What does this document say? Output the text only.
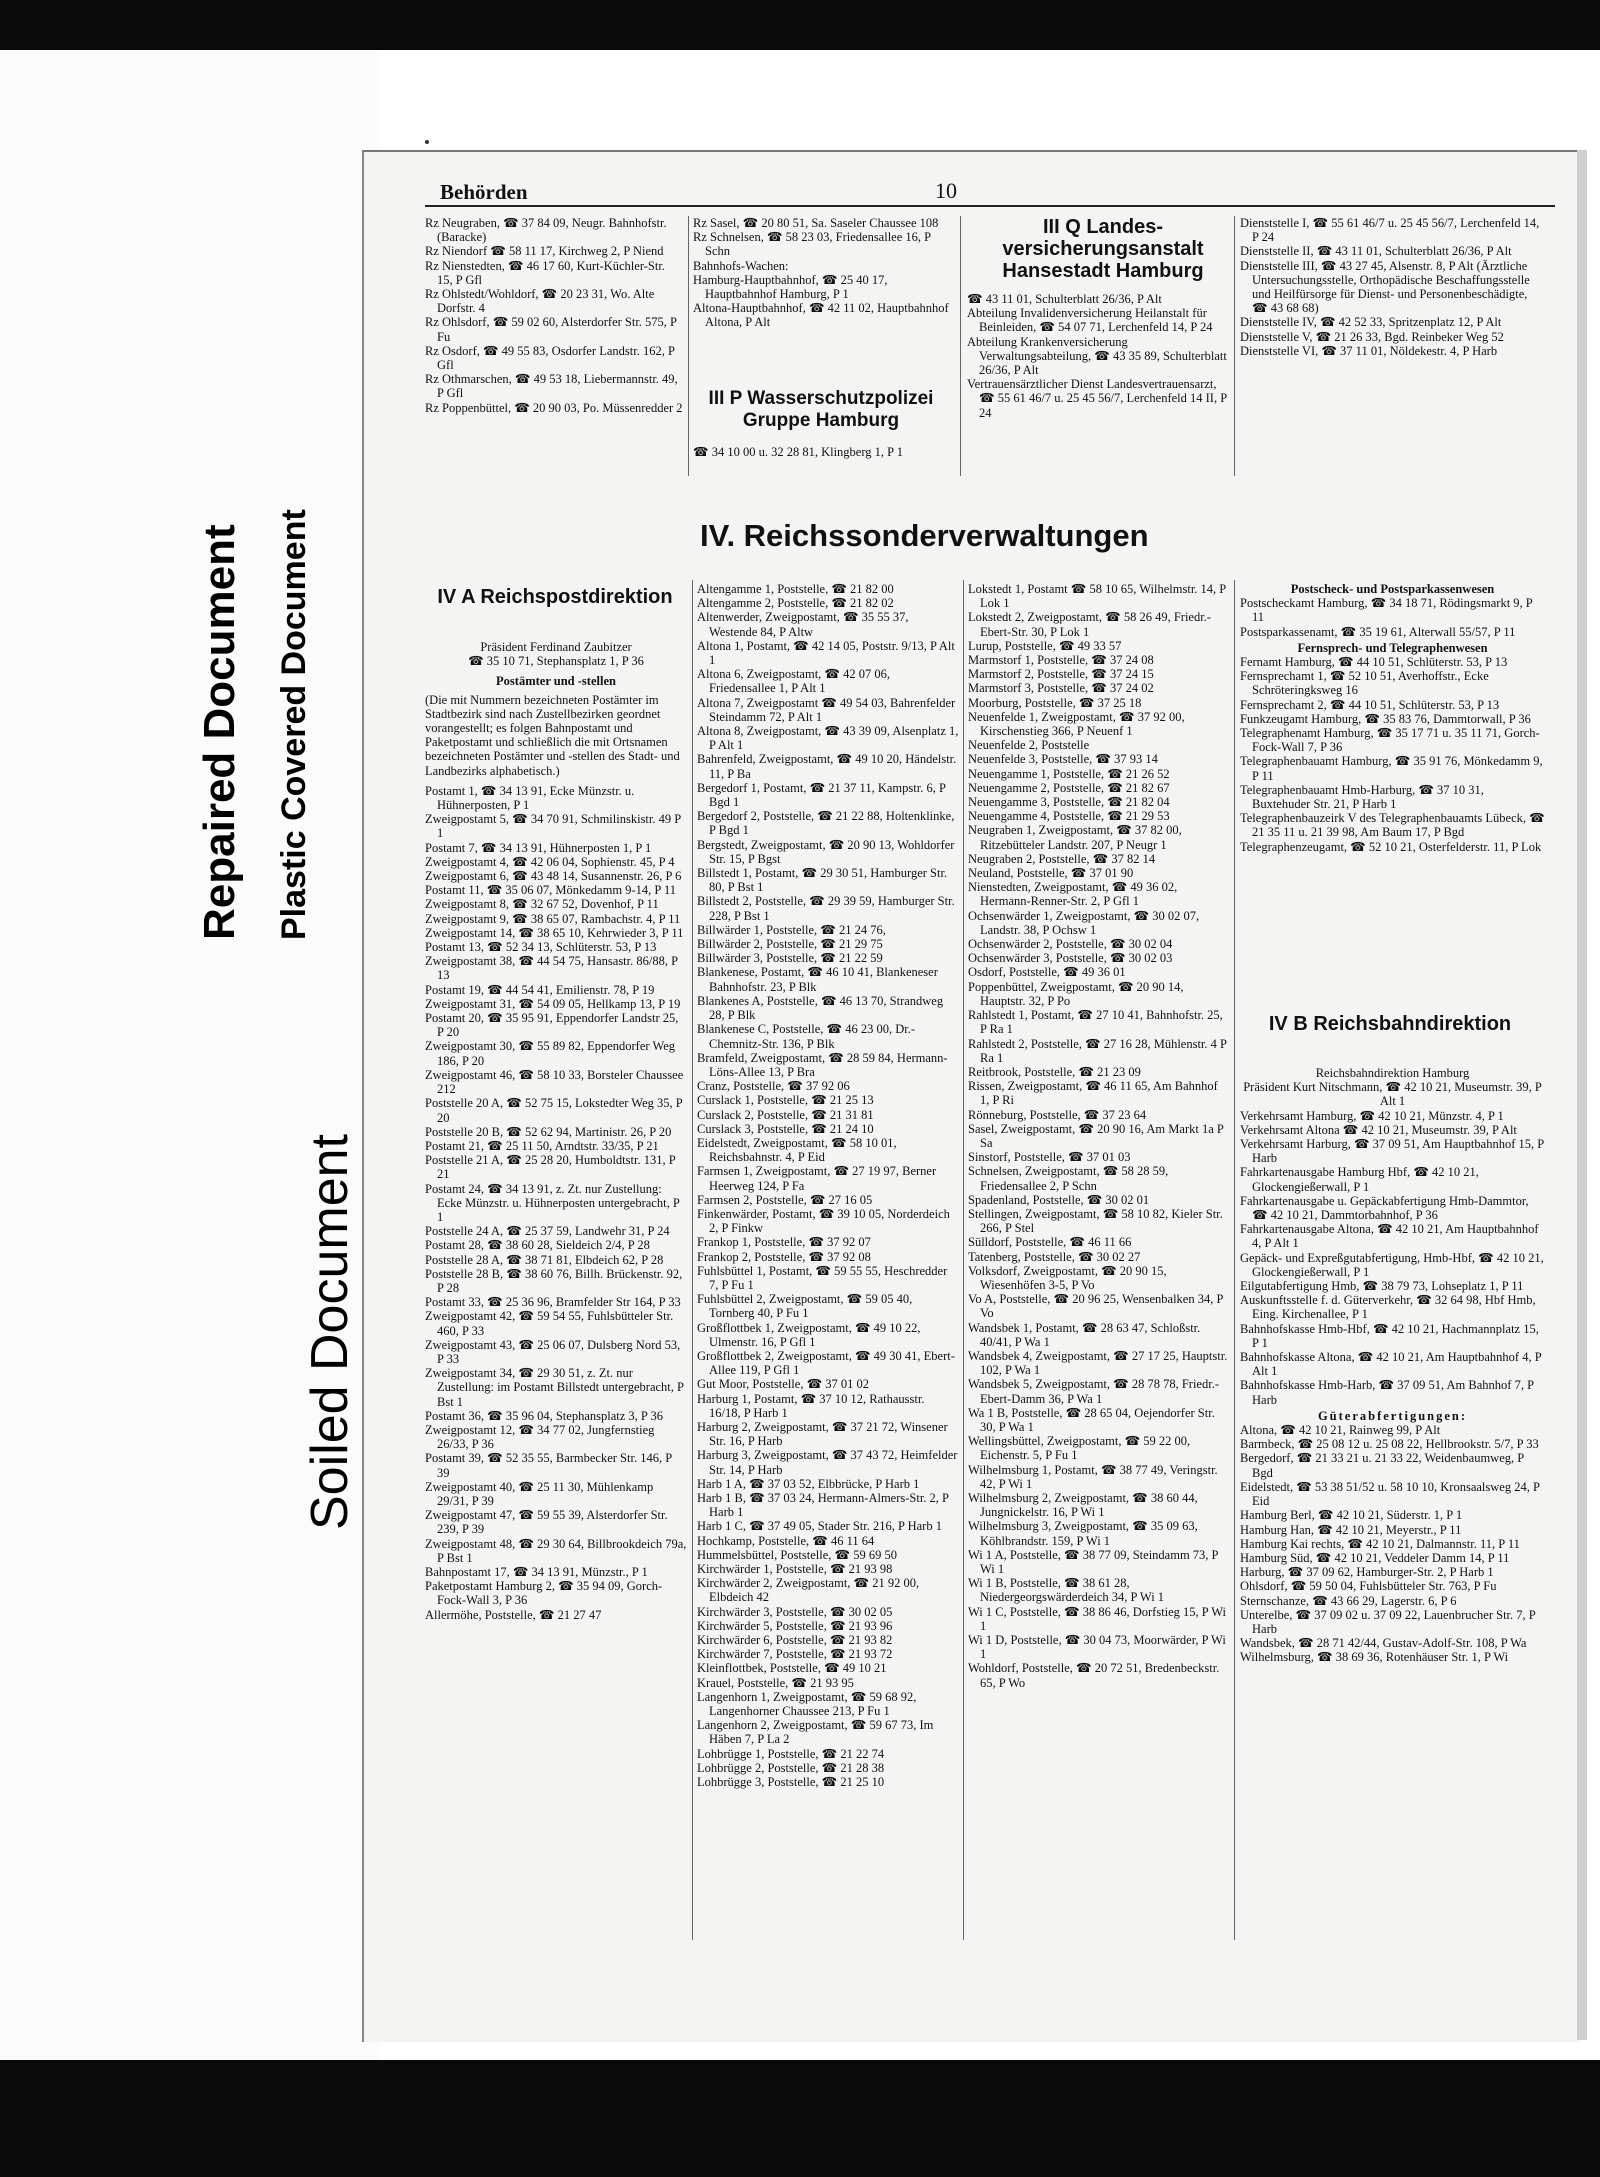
Repaired Document Plastic Covered Document
Soiled Document
Behörden	10

Rz Neugraben, ☎ 37 84 09, Neugr. Bahnhofstr. (Baracke)

Rz Niendorf ☎ 58 11 17, Kirchweg 2, P Niend

Rz Nienstedten, ☎ 46 17 60, Kurt-Küchler-Str. 15, P Gfl

Rz Ohlstedt/Wohldorf, ☎ 20 23 31, Wo. Alte Dorfstr. 4

Rz Ohlsdorf, ☎ 59 02 60, Alsterdorfer Str. 575, P Fu

Rz Osdorf, ☎ 49 55 83, Osdorfer Landstr. 162, P Gfl

Rz Othmarschen, ☎ 49 53 18, Liebermannstr. 49, P Gfl

Rz Poppenbüttel, ☎ 20 90 03, Po. Müssenredder 2

Rz Sasel, ☎ 20 80 51, Sa. Saseler Chaussee 108

Rz Schnelsen, ☎ 58 23 03, Friedensallee 16, P Schn

Bahnhofs-Wachen:

Hamburg-Hauptbahnhof, ☎ 25 40 17, Hauptbahnhof Hamburg, P 1

Altona-Hauptbahnhof, ☎ 42 11 02, Hauptbahnhof Altona, P Alt

III P Wasserschutzpolizei Gruppe Hamburg

☎ 34 10 00 u. 32 28 81, Klingberg 1, P 1

III Q Landes-versicherungsanstalt Hansestadt Hamburg

☎ 43 11 01, Schulterblatt 26/36, P Alt

Abteilung Invalidenversicherung Heilanstalt für Beinleiden, ☎ 54 07 71, Lerchenfeld 14, P 24

Abteilung Krankenversicherung Verwaltungsabteilung, ☎ 43 35 89, Schulterblatt 26/36, P Alt

Vertrauensärztlicher Dienst Landesvertrauensarzt, ☎ 55 61 46/7 u. 25 45 56/7, Lerchenfeld 14 II, P 24

Dienststelle I, ☎ 55 61 46/7 u. 25 45 56/7, Lerchenfeld 14, P 24

Dienststelle II, ☎ 43 11 01, Schulterblatt 26/36, P Alt

Dienststelle III, ☎ 43 27 45, Alsenstr. 8, P Alt (Ärztliche Untersuchungsstelle, Orthopädische Beschaffungsstelle und Heilfürsorge für Dienst- und Personenbeschädigte, ☎ 43 68 68)

Dienststelle IV, ☎ 42 52 33, Spritzenplatz 12, P Alt

Dienststelle V, ☎ 21 26 33, Bgd. Reinbeker Weg 52

Dienststelle VI, ☎ 37 11 01, Nöldekestr. 4, P Harb

IV. Reichssonderverwaltungen
IV A Reichspostdirektion

Präsident Ferdinand Zaubitzer

☎ 35 10 71, Stephansplatz 1, P 36

Postämter und -stellen

(Die mit Nummern bezeichneten Postämter im Stadtbezirk sind nach Zustellbezirken geordnet vorangestellt; es folgen Bahnpostamt und Paketpostamt und schließlich die mit Ortsnamen bezeichneten Postämter und -stellen des Stadt- und Landbezirks alphabetisch.)

Postamt 1, ☎ 34 13 91, Ecke Münzstr. u. Hühnerposten, P 1

Zweigpostamt 5, ☎ 34 70 91, Schmilinskistr. 49 P 1

Postamt 7, ☎ 34 13 91, Hühnerposten 1, P 1

Zweigpostamt 4, ☎ 42 06 04, Sophienstr. 45, P 4

Zweigpostamt 6, ☎ 43 48 14, Susannenstr. 26, P 6

Postamt 11, ☎ 35 06 07, Mönkedamm 9-14, P 11

Zweigpostamt 8, ☎ 32 67 52, Dovenhof, P 11

Zweigpostamt 9, ☎ 38 65 07, Rambachstr. 4, P 11

Zweigpostamt 14, ☎ 38 65 10, Kehrwieder 3, P 11

Postamt 13, ☎ 52 34 13, Schlüterstr. 53, P 13

Zweigpostamt 38, ☎ 44 54 75, Hansastr. 86/88, P 13

Postamt 19, ☎ 44 54 41, Emilienstr. 78, P 19

Zweigpostamt 31, ☎ 54 09 05, Hellkamp 13, P 19

Postamt 20, ☎ 35 95 91, Eppendorfer Landstr 25, P 20

Zweigpostamt 30, ☎ 55 89 82, Eppendorfer Weg 186, P 20

Zweigpostamt 46, ☎ 58 10 33, Borsteler Chaussee 212

Poststelle 20 A, ☎ 52 75 15, Lokstedter Weg 35, P 20

Poststelle 20 B, ☎ 52 62 94, Martinistr. 26, P 20

Postamt 21, ☎ 25 11 50, Arndtstr. 33/35, P 21

Poststelle 21 A, ☎ 25 28 20, Humboldtstr. 131, P 21

Postamt 24, ☎ 34 13 91, z. Zt. nur Zustellung: Ecke Münzstr. u. Hühnerposten untergebracht, P 1

Poststelle 24 A, ☎ 25 37 59, Landwehr 31, P 24

Postamt 28, ☎ 38 60 28, Sieldeich 2/4, P 28

Poststelle 28 A, ☎ 38 71 81, Elbdeich 62, P 28

Poststelle 28 B, ☎ 38 60 76, Billh. Brückenstr. 92, P 28

Postamt 33, ☎ 25 36 96, Bramfelder Str 164, P 33

Zweigpostamt 42, ☎ 59 54 55, Fuhlsbütteler Str. 460, P 33

Zweigpostamt 43, ☎ 25 06 07, Dulsberg Nord 53, P 33

Zweigpostamt 34, ☎ 29 30 51, z. Zt. nur Zustellung: im Postamt Billstedt untergebracht, P Bst 1

Postamt 36, ☎ 35 96 04, Stephansplatz 3, P 36

Zweigpostamt 12, ☎ 34 77 02, Jungfernstieg 26/33, P 36

Postamt 39, ☎ 52 35 55, Barmbecker Str. 146, P 39

Zweigpostamt 40, ☎ 25 11 30, Mühlenkamp 29/31, P 39

Zweigpostamt 47, ☎ 59 55 39, Alsterdorfer Str. 239, P 39

Zweigpostamt 48, ☎ 29 30 64, Billbrookdeich 79a, P Bst 1

Bahnpostamt 17, ☎ 34 13 91, Münzstr., P 1

Paketpostamt Hamburg 2, ☎ 35 94 09, Gorch-Fock-Wall 3, P 36

Allermöhe, Poststelle, ☎ 21 27 47

Altengamme 1, Poststelle, ☎ 21 82 00

Altengamme 2, Poststelle, ☎ 21 82 02

Altenwerder, Zweigpostamt, ☎ 35 55 37, Westende 84, P Altw

Altona 1, Postamt, ☎ 42 14 05, Poststr. 9/13, P Alt 1

Altona 6, Zweigpostamt, ☎ 42 07 06, Friedensallee 1, P Alt 1

Altona 7, Zweigpostamt ☎ 49 54 03, Bahrenfelder Steindamm 72, P Alt 1

Altona 8, Zweigpostamt, ☎ 43 39 09, Alsenplatz 1, P Alt 1

Bahrenfeld, Zweigpostamt, ☎ 49 10 20, Händelstr. 11, P Ba

Bergedorf 1, Postamt, ☎ 21 37 11, Kampstr. 6, P Bgd 1

Bergedorf 2, Poststelle, ☎ 21 22 88, Holtenklinke, P Bgd 1

Bergstedt, Zweigpostamt, ☎ 20 90 13, Wohldorfer Str. 15, P Bgst

Billstedt 1, Postamt, ☎ 29 30 51, Hamburger Str. 80, P Bst 1

Billstedt 2, Poststelle, ☎ 29 39 59, Hamburger Str. 228, P Bst 1

Billwärder 1, Poststelle, ☎ 21 24 76,

Billwärder 2, Poststelle, ☎ 21 29 75

Billwärder 3, Poststelle, ☎ 21 22 59

Blankenese, Postamt, ☎ 46 10 41, Blankeneser Bahnhofstr. 23, P Blk

Blankenes A, Poststelle, ☎ 46 13 70, Strandweg 28, P Blk

Blankenese C, Poststelle, ☎ 46 23 00, Dr.-Chemnitz-Str. 136, P Blk

Bramfeld, Zweigpostamt, ☎ 28 59 84, Hermann-Löns-Allee 13, P Bra

Cranz, Poststelle, ☎ 37 92 06

Curslack 1, Poststelle, ☎ 21 25 13

Curslack 2, Poststelle, ☎ 21 31 81

Curslack 3, Poststelle, ☎ 21 24 10

Eidelstedt, Zweigpostamt, ☎ 58 10 01, Reichsbahnstr. 4, P Eid

Farmsen 1, Zweigpostamt, ☎ 27 19 97, Berner Heerweg 124, P Fa

Farmsen 2, Poststelle, ☎ 27 16 05

Finkenwärder, Postamt, ☎ 39 10 05, Norderdeich 2, P Finkw

Frankop 1, Poststelle, ☎ 37 92 07

Frankop 2, Poststelle, ☎ 37 92 08

Fuhlsbüttel 1, Postamt, ☎ 59 55 55, Heschredder 7, P Fu 1

Fuhlsbüttel 2, Zweigpostamt, ☎ 59 05 40, Tornberg 40, P Fu 1

Großflottbek 1, Zweigpostamt, ☎ 49 10 22, Ulmenstr. 16, P Gfl 1

Großflottbek 2, Zweigpostamt, ☎ 49 30 41, Ebert-Allee 119, P Gfl 1

Gut Moor, Poststelle, ☎ 37 01 02

Harburg 1, Postamt, ☎ 37 10 12, Rathausstr. 16/18, P Harb 1

Harburg 2, Zweigpostamt, ☎ 37 21 72, Winsener Str. 16, P Harb

Harburg 3, Zweigpostamt, ☎ 37 43 72, Heimfelder Str. 14, P Harb

Harb 1 A, ☎ 37 03 52, Elbbrücke, P Harb 1

Harb 1 B, ☎ 37 03 24, Hermann-Almers-Str. 2, P Harb 1

Harb 1 C, ☎ 37 49 05, Stader Str. 216, P Harb 1

Hochkamp, Poststelle, ☎ 46 11 64

Hummelsbüttel, Poststelle, ☎ 59 69 50

Kirchwärder 1, Poststelle, ☎ 21 93 98

Kirchwärder 2, Zweigpostamt, ☎ 21 92 00, Elbdeich 42

Kirchwärder 3, Poststelle, ☎ 30 02 05

Kirchwärder 5, Poststelle, ☎ 21 93 96

Kirchwärder 6, Poststelle, ☎ 21 93 82

Kirchwärder 7, Poststelle, ☎ 21 93 72

Kleinflottbek, Poststelle, ☎ 49 10 21

Krauel, Poststelle, ☎ 21 93 95

Langenhorn 1, Zweigpostamt, ☎ 59 68 92, Langenhorner Chaussee 213, P Fu 1

Langenhorn 2, Zweigpostamt, ☎ 59 67 73, Im Häben 7, P La 2

Lohbrügge 1, Poststelle, ☎ 21 22 74

Lohbrügge 2, Poststelle, ☎ 21 28 38

Lohbrügge 3, Poststelle, ☎ 21 25 10

Lokstedt 1, Postamt ☎ 58 10 65, Wilhelmstr. 14, P Lok 1

Lokstedt 2, Zweigpostamt, ☎ 58 26 49, Friedr.-Ebert-Str. 30, P Lok 1

Lurup, Poststelle, ☎ 49 33 57

Marmstorf 1, Poststelle, ☎ 37 24 08

Marmstorf 2, Poststelle, ☎ 37 24 15

Marmstorf 3, Poststelle, ☎ 37 24 02

Moorburg, Poststelle, ☎ 37 25 18

Neuenfelde 1, Zweigpostamt, ☎ 37 92 00, Kirschenstieg 366, P Neuenf 1

Neuenfelde 2, Poststelle

Neuenfelde 3, Poststelle, ☎ 37 93 14

Neuengamme 1, Poststelle, ☎ 21 26 52

Neuengamme 2, Poststelle, ☎ 21 82 67

Neuengamme 3, Poststelle, ☎ 21 82 04

Neuengamme 4, Poststelle, ☎ 21 29 53

Neugraben 1, Zweigpostamt, ☎ 37 82 00, Ritzebütteler Landstr. 207, P Neugr 1

Neugraben 2, Poststelle, ☎ 37 82 14

Neuland, Poststelle, ☎ 37 01 90

Nienstedten, Zweigpostamt, ☎ 49 36 02, Hermann-Renner-Str. 2, P Gfl 1

Ochsenwärder 1, Zweigpostamt, ☎ 30 02 07, Landstr. 38, P Ochsw 1

Ochsenwärder 2, Poststelle, ☎ 30 02 04

Ochsenwärder 3, Poststelle, ☎ 30 02 03

Osdorf, Poststelle, ☎ 49 36 01

Poppenbüttel, Zweigpostamt, ☎ 20 90 14, Hauptstr. 32, P Po

Rahlstedt 1, Postamt, ☎ 27 10 41, Bahnhofstr. 25, P Ra 1

Rahlstedt 2, Poststelle, ☎ 27 16 28, Mühlenstr. 4 P Ra 1

Reitbrook, Poststelle, ☎ 21 23 09

Rissen, Zweigpostamt, ☎ 46 11 65, Am Bahnhof 1, P Ri

Rönneburg, Poststelle, ☎ 37 23 64

Sasel, Zweigpostamt, ☎ 20 90 16, Am Markt 1a P Sa

Sinstorf, Poststelle, ☎ 37 01 03

Schnelsen, Zweigpostamt, ☎ 58 28 59, Friedensallee 2, P Schn

Spadenland, Poststelle, ☎ 30 02 01

Stellingen, Zweigpostamt, ☎ 58 10 82, Kieler Str. 266, P Stel

Sülldorf, Poststelle, ☎ 46 11 66

Tatenberg, Poststelle, ☎ 30 02 27

Volksdorf, Zweigpostamt, ☎ 20 90 15, Wiesenhöfen 3-5, P Vo

Vo A, Poststelle, ☎ 20 96 25, Wensenbalken 34, P Vo

Wandsbek 1, Postamt, ☎ 28 63 47, Schloßstr. 40/41, P Wa 1

Wandsbek 4, Zweigpostamt, ☎ 27 17 25, Hauptstr. 102, P Wa 1

Wandsbek 5, Zweigpostamt, ☎ 28 78 78, Friedr.-Ebert-Damm 36, P Wa 1

Wa 1 B, Poststelle, ☎ 28 65 04, Oejendorfer Str. 30, P Wa 1

Wellingsbüttel, Zweigpostamt, ☎ 59 22 00, Eichenstr. 5, P Fu 1

Wilhelmsburg 1, Postamt, ☎ 38 77 49, Veringstr. 42, P Wi 1

Wilhelmsburg 2, Zweigpostamt, ☎ 38 60 44, Jungnickelstr. 16, P Wi 1

Wilhelmsburg 3, Zweigpostamt, ☎ 35 09 63, Köhlbrandstr. 159, P Wi 1

Wi 1 A, Poststelle, ☎ 38 77 09, Steindamm 73, P Wi 1

Wi 1 B, Poststelle, ☎ 38 61 28, Niedergeorgswärderdeich 34, P Wi 1

Wi 1 C, Poststelle, ☎ 38 86 46, Dorfstieg 15, P Wi 1

Wi 1 D, Poststelle, ☎ 30 04 73, Moorwärder, P Wi 1

Wohldorf, Poststelle, ☎ 20 72 51, Bredenbeckstr. 65, P Wo

Postscheck- und Postsparkassenwesen

Postscheckamt Hamburg, ☎ 34 18 71, Rödingsmarkt 9, P 11

Postsparkassenamt, ☎ 35 19 61, Alterwall 55/57, P 11

Fernsprech- und Telegraphenwesen

Fernamt Hamburg, ☎ 44 10 51, Schlüterstr. 53, P 13

Fernsprechamt 1, ☎ 52 10 51, Averhoffstr., Ecke Schröteringksweg 16

Fernsprechamt 2, ☎ 44 10 51, Schlüterstr. 53, P 13

Funkzeugamt Hamburg, ☎ 35 83 76, Dammtorwall, P 36

Telegraphenamt Hamburg, ☎ 35 17 71 u. 35 11 71, Gorch-Fock-Wall 7, P 36

Telegraphenbauamt Hamburg, ☎ 35 91 76, Mönkedamm 9, P 11

Telegraphenbauamt Hmb-Harburg, ☎ 37 10 31, Buxtehuder Str. 21, P Harb 1

Telegraphenbauzeirk V des Telegraphenbauamts Lübeck, ☎ 21 35 11 u. 21 39 98, Am Baum 17, P Bgd

Telegraphenzeugamt, ☎ 52 10 21, Osterfelderstr. 11, P Lok

IV B Reichsbahndirektion

Reichsbahndirektion Hamburg

Präsident Kurt Nitschmann, ☎ 42 10 21, Museumstr. 39, P Alt 1

Verkehrsamt Hamburg, ☎ 42 10 21, Münzstr. 4, P 1

Verkehrsamt Altona ☎ 42 10 21, Museumstr. 39, P Alt

Verkehrsamt Harburg, ☎ 37 09 51, Am Hauptbahnhof 15, P Harb

Fahrkartenausgabe Hamburg Hbf, ☎ 42 10 21, Glockengießerwall, P 1

Fahrkartenausgabe u. Gepäckabfertigung Hmb-Dammtor, ☎ 42 10 21, Dammtorbahnhof, P 36

Fahrkartenausgabe Altona, ☎ 42 10 21, Am Hauptbahnhof 4, P Alt 1

Gepäck- und Expreßgutabfertigung, Hmb-Hbf, ☎ 42 10 21, Glockengießerwall, P 1

Eilgutabfertigung Hmb, ☎ 38 79 73, Lohseplatz 1, P 11

Auskunftsstelle f. d. Güterverkehr, ☎ 32 64 98, Hbf Hmb, Eing. Kirchenallee, P 1

Bahnhofskasse Hmb-Hbf, ☎ 42 10 21, Hachmannplatz 15, P 1

Bahnhofskasse Altona, ☎ 42 10 21, Am Hauptbahnhof 4, P Alt 1

Bahnhofskasse Hmb-Harb, ☎ 37 09 51, Am Bahnhof 7, P Harb

Güterabfertigungen:

Altona, ☎ 42 10 21, Rainweg 99, P Alt

Barmbeck, ☎ 25 08 12 u. 25 08 22, Hellbrookstr. 5/7, P 33

Bergedorf, ☎ 21 33 21 u. 21 33 22, Weidenbaumweg, P Bgd

Eidelstedt, ☎ 53 38 51/52 u. 58 10 10, Kronsaalsweg 24, P Eid

Hamburg Berl, ☎ 42 10 21, Süderstr. 1, P 1

Hamburg Han, ☎ 42 10 21, Meyerstr., P 11

Hamburg Kai rechts, ☎ 42 10 21, Dalmannstr. 11, P 11

Hamburg Süd, ☎ 42 10 21, Veddeler Damm 14, P 11

Harburg, ☎ 37 09 62, Hamburger-Str. 2, P Harb 1

Ohlsdorf, ☎ 59 50 04, Fuhlsbütteler Str. 763, P Fu

Sternschanze, ☎ 43 66 29, Lagerstr. 6, P 6

Unterelbe, ☎ 37 09 02 u. 37 09 22, Lauenbrucher Str. 7, P Harb

Wandsbek, ☎ 28 71 42/44, Gustav-Adolf-Str. 108, P Wa

Wilhelmsburg, ☎ 38 69 36, Rotenhäuser Str. 1, P Wi
